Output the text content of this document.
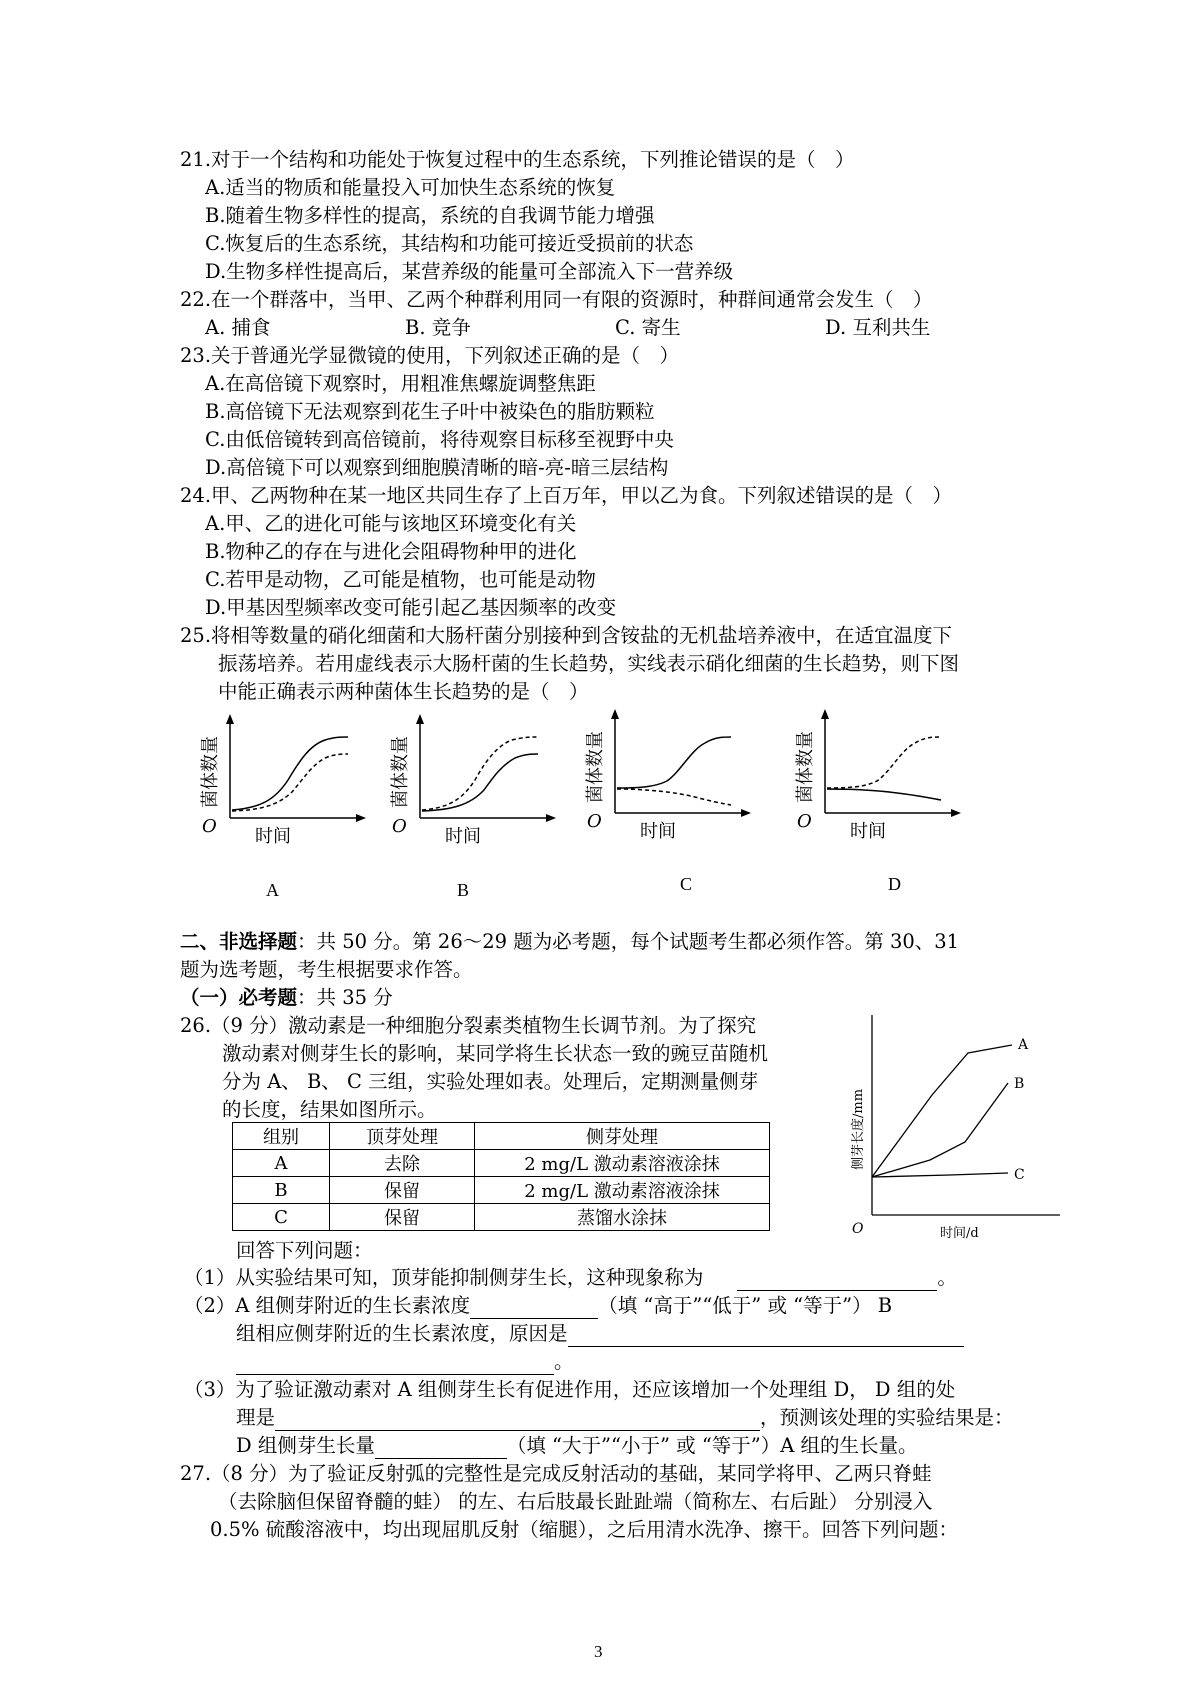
21.对于一个结构和功能处于恢复过程中的生态系统，下列推论错误的是（　）
A.适当的物质和能量投入可加快生态系统的恢复
B.随着生物多样性的提高，系统的自我调节能力增强
C.恢复后的生态系统，其结构和功能可接近受损前的状态
D.生物多样性提高后，某营养级的能量可全部流入下一营养级
22.在一个群落中，当甲、乙两个种群利用同一有限的资源时，种群间通常会发生（　）
A. 捕食	B. 竞争	C. 寄生	D. 互利共生
23.关于普通光学显微镜的使用，下列叙述正确的是（　）
A.在高倍镜下观察时，用粗准焦螺旋调整焦距
B.高倍镜下无法观察到花生子叶中被染色的脂肪颗粒
C.由低倍镜转到高倍镜前，将待观察目标移至视野中央
D.高倍镜下可以观察到细胞膜清晰的暗-亮-暗三层结构
24.甲、乙两物种在某一地区共同生存了上百万年，甲以乙为食。下列叙述错误的是（　）
A.甲、乙的进化可能与该地区环境变化有关
B.物种乙的存在与进化会阻碍物种甲的进化
C.若甲是动物，乙可能是植物，也可能是动物
D.甲基因型频率改变可能引起乙基因频率的改变
25.将相等数量的硝化细菌和大肠杆菌分别接种到含铵盐的无机盐培养液中，在适宜温度下
振荡培养。若用虚线表示大肠杆菌的生长趋势，实线表示硝化细菌的生长趋势，则下图
中能正确表示两种菌体生长趋势的是（　）
O 时间
菌体数量
A
O 时间
菌体数量
B
O 时间
菌体数量
C
O 时间
菌体数量
D
二、非选择题：共 50 分。第 26～29 题为必考题，每个试题考生都必须作答。第 30、31
题为选考题，考生根据要求作答。
（一）必考题：共 35 分
26.（9 分）激动素是一种细胞分裂素类植物生长调节剂。为了探究
激动素对侧芽生长的影响，某同学将生长状态一致的豌豆苗随机
分为 A、 B、 C 三组，实验处理如表。处理后，定期测量侧芽
的长度，结果如图所示。
组别	顶芽处理	侧芽处理
A	去除	2 mg/L 激动素溶液涂抹
B	保留	2 mg/L 激动素溶液涂抹
C	保留	蒸馏水涂抹
A
B
C
O	时间/d
侧芽长度/mm
回答下列问题：
（1）从实验结果可知，顶芽能抑制侧芽生长，这种现象称为	。
（2）A 组侧芽附近的生长素浓度	（填 “高于”“低于” 或 “等于”） B
组相应侧芽附近的生长素浓度，原因是
。
（3）为了验证激动素对 A 组侧芽生长有促进作用，还应该增加一个处理组 D， D 组的处
理是	，预测该处理的实验结果是：
D 组侧芽生长量	（填 “大于”“小于” 或 “等于”）A 组的生长量。
27.（8 分）为了验证反射弧的完整性是完成反射活动的基础，某同学将甲、乙两只脊蛙
（去除脑但保留脊髓的蛙） 的左、右后肢最长趾趾端（简称左、右后趾） 分别浸入
0.5% 硫酸溶液中，均出现屈肌反射（缩腿），之后用清水洗净、擦干。回答下列问题：
3
